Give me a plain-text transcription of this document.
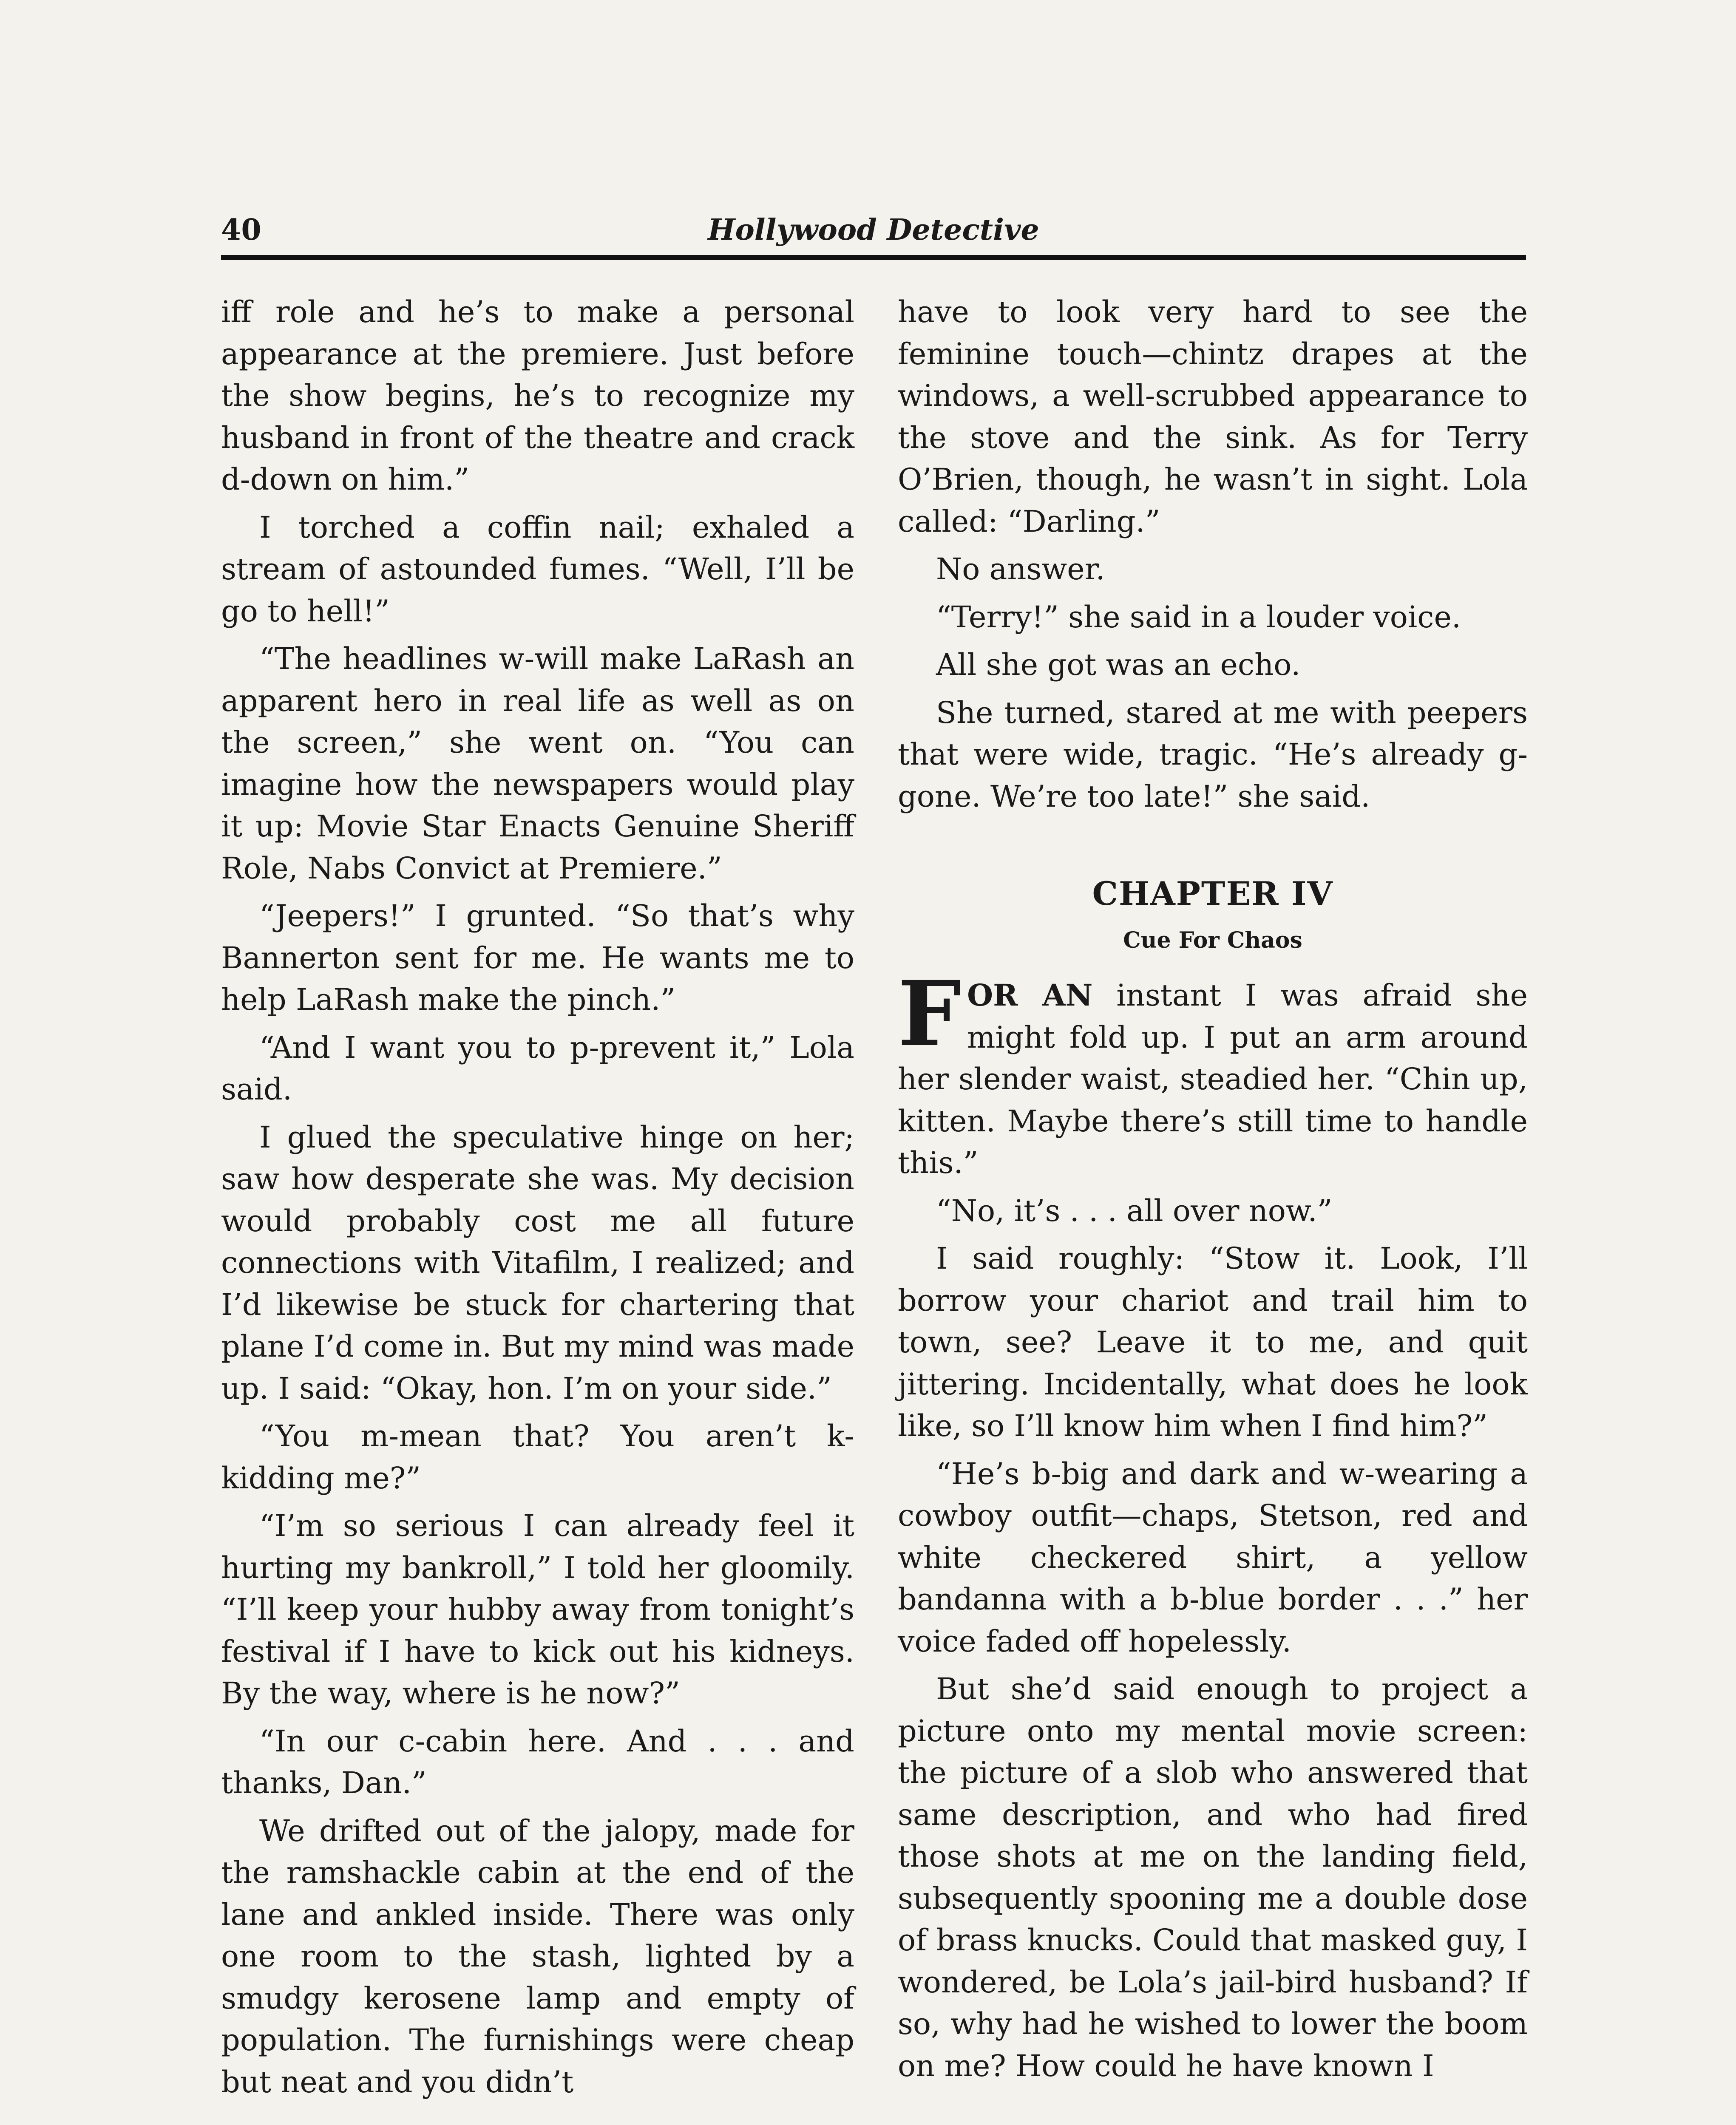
40	Hollywood Detective

iff role and he’s to make a personal appearance at the premiere. Just before the show begins, he’s to recognize my husband in front of the theatre and crack d-down on him.”

I torched a coffin nail; exhaled a stream of astounded fumes. “Well, I’ll be go to hell!”

“The headlines w-will make LaRash an apparent hero in real life as well as on the screen,” she went on. “You can imagine how the newspapers would play it up: Movie Star Enacts Genuine Sheriff Role, Nabs Convict at Premiere.”

“Jeepers!” I grunted. “So that’s why Bannerton sent for me. He wants me to help LaRash make the pinch.”

“And I want you to p-prevent it,” Lola said.

I glued the speculative hinge on her; saw how desperate she was. My decision would probably cost me all future connections with Vitafilm, I realized; and I’d likewise be stuck for chartering that plane I’d come in. But my mind was made up. I said: “Okay, hon. I’m on your side.”

“You m-mean that? You aren’t k-kidding me?”

“I’m so serious I can already feel it hurting my bankroll,” I told her gloomily. “I’ll keep your hubby away from tonight’s festival if I have to kick out his kidneys. By the way, where is he now?”

“In our c-cabin here. And . . . and thanks, Dan.”

We drifted out of the jalopy, made for the ramshackle cabin at the end of the lane and ankled inside. There was only one room to the stash, lighted by a smudgy kerosene lamp and empty of population. The furnishings were cheap but neat and you didn’t

have to look very hard to see the feminine touch—chintz drapes at the windows, a well-scrubbed appearance to the stove and the sink. As for Terry O’Brien, though, he wasn’t in sight. Lola called: “Darling.”

No answer.

“Terry!” she said in a louder voice.

All she got was an echo.

She turned, stared at me with peepers that were wide, tragic. “He’s already g-gone. We’re too late!” she said.

CHAPTER IV
Cue For Chaos

FOR AN instant I was afraid she might fold up. I put an arm around her slender waist, steadied her. “Chin up, kitten. Maybe there’s still time to handle this.”

“No, it’s . . . all over now.”

I said roughly: “Stow it. Look, I’ll borrow your chariot and trail him to town, see? Leave it to me, and quit jittering. Incidentally, what does he look like, so I’ll know him when I find him?”

“He’s b-big and dark and w-wearing a cowboy outfit—chaps, Stetson, red and white checkered shirt, a yellow bandanna with a b-blue border . . .” her voice faded off hopelessly.

But she’d said enough to project a picture onto my mental movie screen: the picture of a slob who answered that same description, and who had fired those shots at me on the landing field, subsequently spooning me a double dose of brass knucks. Could that masked guy, I wondered, be Lola’s jail-bird husband? If so, why had he wished to lower the boom on me? How could he have known I
